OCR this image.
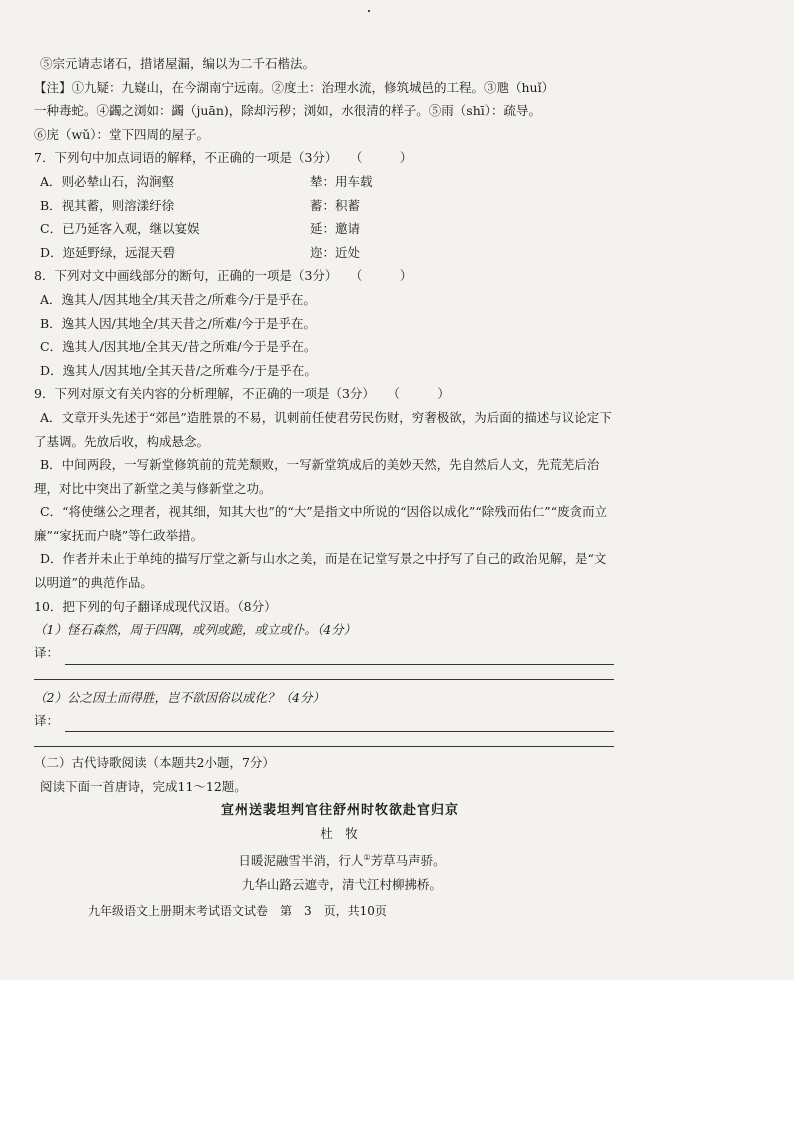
⑤宗元请志诸石，措诸屋漏，编以为二千石楷法。
【注】①九疑：九嶷山，在今湖南宁远南。②度土：治理水流，修筑城邑的工程。③虺（huǐ）
一种毒蛇。④蠲之浏如：蠲（juān)，除却污秽；浏如，水很清的样子。⑤雨（shī）：疏导。
⑥庑（wǔ）：堂下四周的屋子。
7．下列句中加点词语的解释，不正确的一项是（3分）　　（　　　）
A．则必辇山石，沟涧壑	辇：用车载
B．视其蓄，则溶漾纡徐	蓄：积蓄
C．已乃延客入观，继以宴娱	延：邀请
D．迩延野绿，远混天碧	迩：近处
8．下列对文中画线部分的断句，正确的一项是（3分）　　（　　　）
A．逸其人/因其地全/其天昔之/所难今/于是乎在。
B．逸其人因/其地全/其天昔之/所难/今于是乎在。
C．逸其人/因其地/全其天/昔之所难/今于是乎在。
D．逸其人/因其地/全其天昔/之所难今/于是乎在。
9．下列对原文有关内容的分析理解，不正确的一项是（3分）　　（　　　）
A．文章开头先述于“郊邑”造胜景的不易，讥刺前任使君劳民伤财，穷奢极欲，为后面的描述与议论定下了基调。先放后收，构成悬念。
B．中间两段，一写新堂修筑前的荒芜颓败，一写新堂筑成后的美妙天然，先自然后人文，先荒芜后治理，对比中突出了新堂之美与修新堂之功。
C．“将使继公之理者，视其细，知其大也”的“大”是指文中所说的“因俗以成化”“除残而佑仁”“废贪而立廉”“家抚而户晓”等仁政举措。
D．作者并未止于单纯的描写厅堂之新与山水之美，而是在记堂写景之中抒写了自己的政治见解，是“文以明道”的典范作品。
10．把下列的句子翻译成现代汉语。（8分）
（1）怪石森然，周于四隅，或列或跪，或立或仆。（4分）
译：
（2）公之因土而得胜，岂不欲因俗以成化？（4分）
译：
（二）古代诗歌阅读（本题共2小题，7分）
阅读下面一首唐诗，完成11～12题。
宣州送裴坦判官往舒州时牧欲赴官归京
杜　牧
日暖泥融雪半消，行人①芳草马声骄。
九华山路云遮寺，清弋江村柳拂桥。
九年级语文上册期末考试语文试卷　第　3　页，共10页
